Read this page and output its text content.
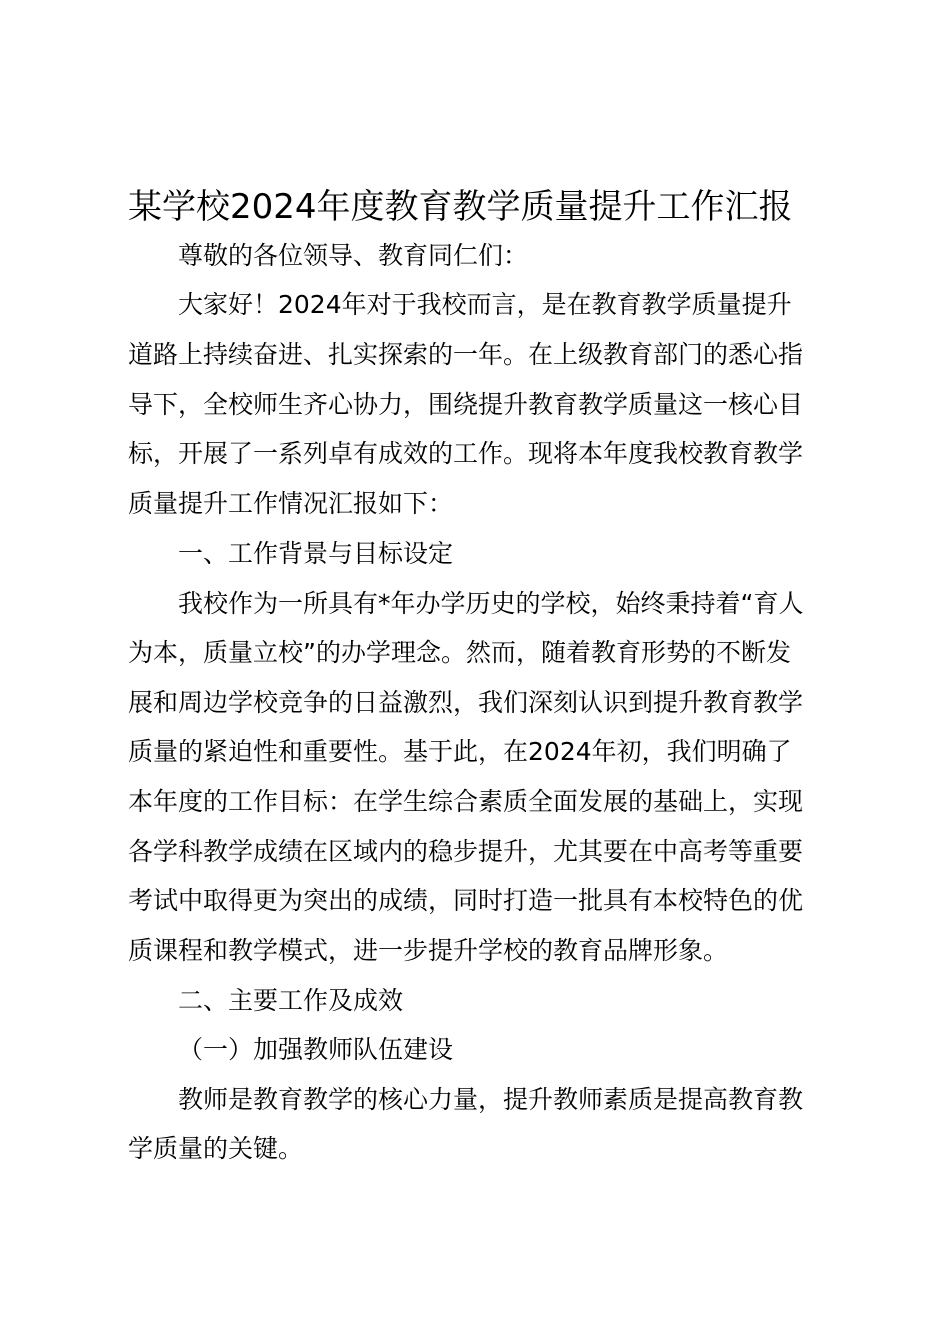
某学校2024年度教育教学质量提升工作汇报
尊敬的各位领导、教育同仁们：
大家好！2024年对于我校而言，是在教育教学质量提升
道路上持续奋进、扎实探索的一年。在上级教育部门的悉心指
导下，全校师生齐心协力，围绕提升教育教学质量这一核心目
标，开展了一系列卓有成效的工作。现将本年度我校教育教学
质量提升工作情况汇报如下：
一、工作背景与目标设定
我校作为一所具有*年办学历史的学校，始终秉持着“育人
为本，质量立校”的办学理念。然而，随着教育形势的不断发
展和周边学校竞争的日益激烈，我们深刻认识到提升教育教学
质量的紧迫性和重要性。基于此，在2024年初，我们明确了
本年度的工作目标：在学生综合素质全面发展的基础上，实现
各学科教学成绩在区域内的稳步提升，尤其要在中高考等重要
考试中取得更为突出的成绩，同时打造一批具有本校特色的优
质课程和教学模式，进一步提升学校的教育品牌形象。
二、主要工作及成效
（一）加强教师队伍建设
教师是教育教学的核心力量，提升教师素质是提高教育教
学质量的关键。
